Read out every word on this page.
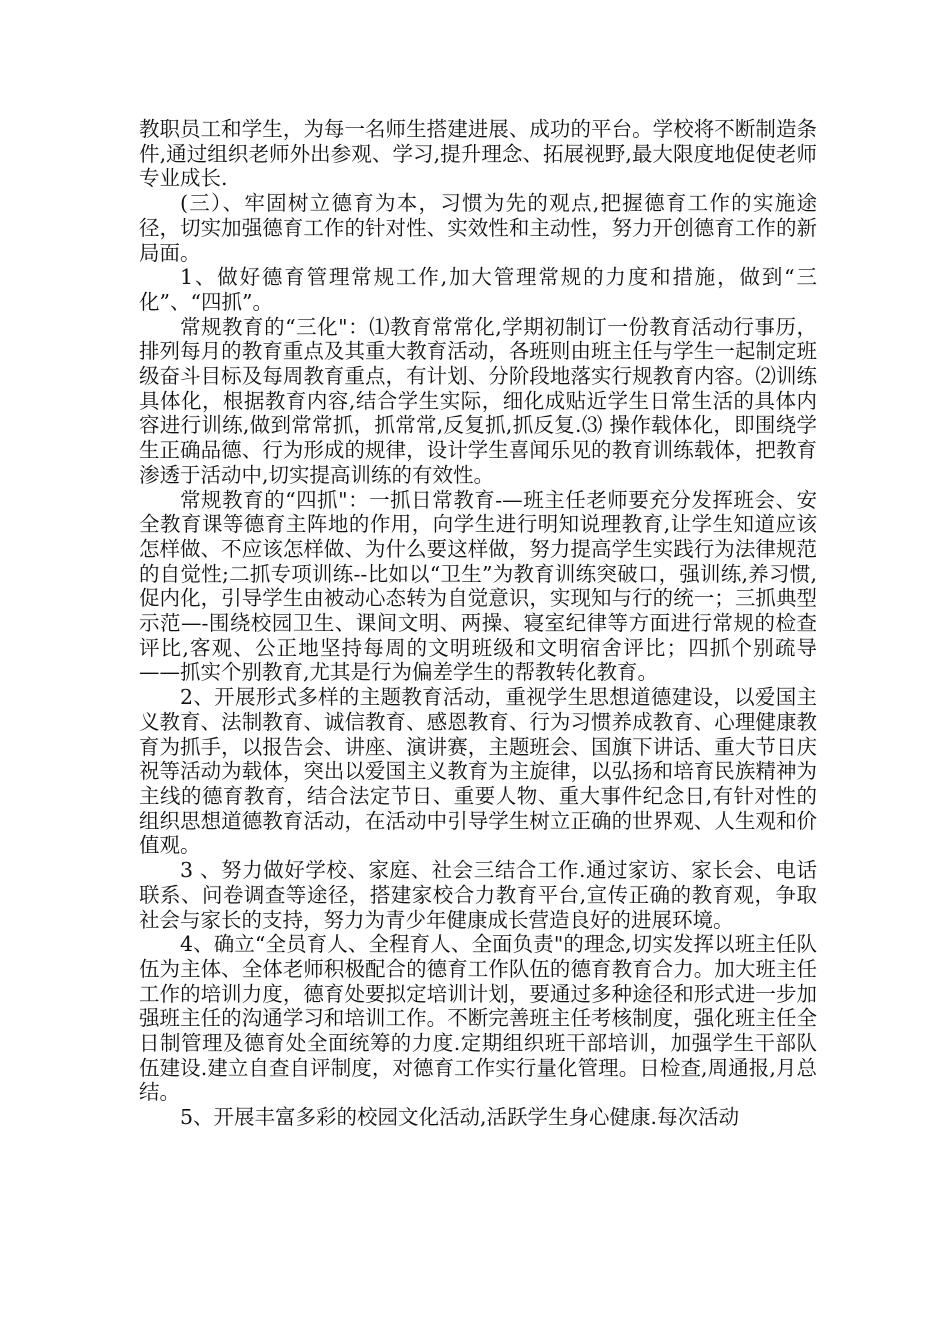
教职员工和学生，为每一名师生搭建进展、成功的平台。学校将不断制造条件,通过组织老师外出参观、学习,提升理念、拓展视野,最大限度地促使老师专业成长.

(三）、牢固树立德育为本，习惯为先的观点,把握德育工作的实施途径，切实加强德育工作的针对性、实效性和主动性，努力开创德育工作的新局面。

1、做好德育管理常规工作,加大管理常规的力度和措施，做到“三化”、“四抓”。

常规教育的“三化"：⑴教育常常化,学期初制订一份教育活动行事历，排列每月的教育重点及其重大教育活动，各班则由班主任与学生一起制定班级奋斗目标及每周教育重点，有计划、分阶段地落实行规教育内容。⑵训练具体化，根据教育内容,结合学生实际，细化成贴近学生日常生活的具体内容进行训练,做到常常抓，抓常常,反复抓,抓反复.⑶ 操作载体化，即围绕学生正确品德、行为形成的规律，设计学生喜闻乐见的教育训练载体，把教育渗透于活动中,切实提高训练的有效性。

常规教育的“四抓"：一抓日常教育-—班主任老师要充分发挥班会、安全教育课等德育主阵地的作用，向学生进行明知说理教育,让学生知道应该怎样做、不应该怎样做、为什么要这样做，努力提高学生实践行为法律规范的自觉性;二抓专项训练--比如以“卫生”为教育训练突破口，强训练,养习惯,促内化，引导学生由被动心态转为自觉意识，实现知与行的统一；三抓典型示范—-围绕校园卫生、课间文明、两操、寝室纪律等方面进行常规的检查评比,客观、公正地坚持每周的文明班级和文明宿舍评比；四抓个别疏导——抓实个别教育,尤其是行为偏差学生的帮教转化教育。

2、开展形式多样的主题教育活动，重视学生思想道德建设，以爱国主义教育、法制教育、诚信教育、感恩教育、行为习惯养成教育、心理健康教育为抓手，以报告会、讲座、演讲赛，主题班会、国旗下讲话、重大节日庆祝等活动为载体，突出以爱国主义教育为主旋律，以弘扬和培育民族精神为主线的德育教育，结合法定节日、重要人物、重大事件纪念日,有针对性的组织思想道德教育活动，在活动中引导学生树立正确的世界观、人生观和价值观。

3 、努力做好学校、家庭、社会三结合工作.通过家访、家长会、电话联系、问卷调查等途径，搭建家校合力教育平台,宣传正确的教育观，争取社会与家长的支持，努力为青少年健康成长营造良好的进展环境。

4、确立“全员育人、全程育人、全面负责"的理念,切实发挥以班主任队伍为主体、全体老师积极配合的德育工作队伍的德育教育合力。加大班主任工作的培训力度，德育处要拟定培训计划，要通过多种途径和形式进一步加强班主任的沟通学习和培训工作。不断完善班主任考核制度，强化班主任全日制管理及德育处全面统筹的力度.定期组织班干部培训，加强学生干部队伍建设.建立自查自评制度，对德育工作实行量化管理。日检查,周通报,月总结。

5、开展丰富多彩的校园文化活动,活跃学生身心健康.每次活动
